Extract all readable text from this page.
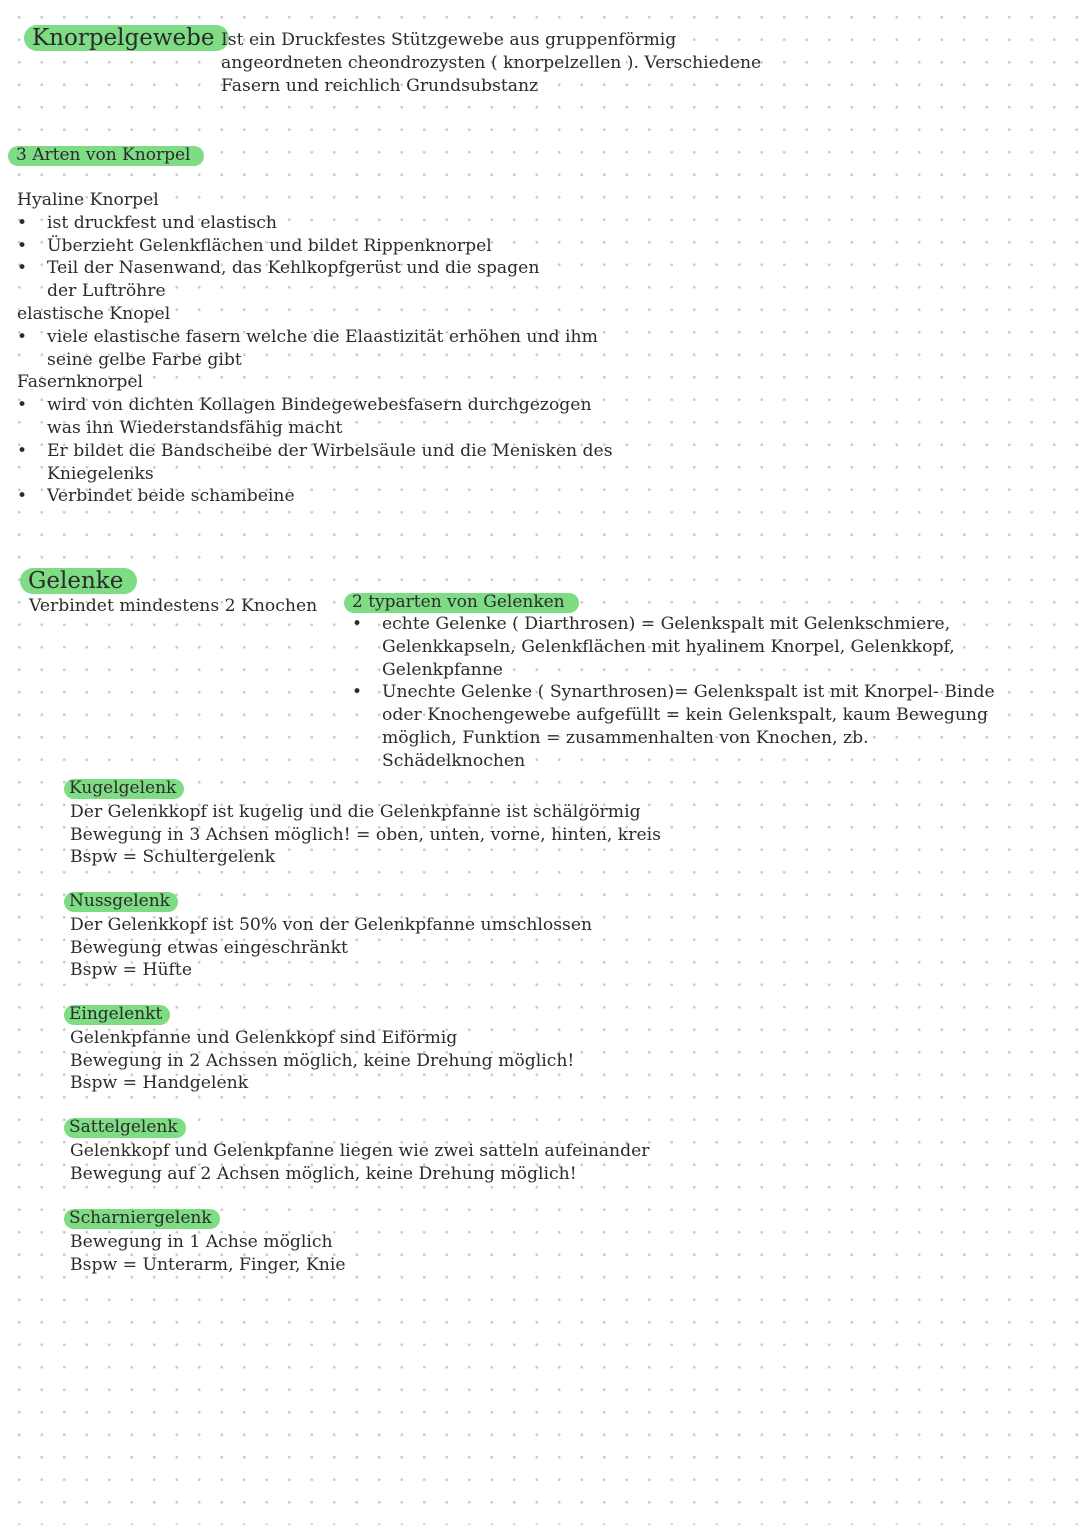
Knorpelgewebe Ist ein Druckfestes Stützgewebe aus gruppenförmig angeordneten cheondrozysten ( knorpelzellen ). Verschiedene Fasern und reichlich Grundsubstanz
3 Arten von Knorpel

Hyaline Knorpel

• ist druckfest und elastisch
• Überzieht Gelenkflächen und bildet Rippenknorpel
• Teil der Nasenwand, das Kehlkopfgerüst und die spagen der Luftröhre

elastische Knopel

• viele elastische fasern welche die Elaastizität erhöhen und ihm seine gelbe Farbe gibt

Fasernknorpel

• wird von dichten Kollagen Bindegewebesfasern durchgezogen was ihn Wiederstandsfähig macht
• Er bildet die Bandscheibe der Wirbelsäule und die Menisken des Kniegelenks
• Verbindet beide schambeine
Gelenke
Verbindet mindestens 2 Knochen	2 typarten von Gelenken
• echte Gelenke ( Diarthrosen) = Gelenkspalt mit Gelenkschmiere, Gelenkkapseln, Gelenkflächen mit hyalinem Knorpel, Gelenkkopf, Gelenkpfanne
• Unechte Gelenke ( Synarthrosen)= Gelenkspalt ist mit Knorpel- Binde oder Knochengewebe aufgefüllt = kein Gelenkspalt, kaum Bewegung möglich, Funktion = zusammenhalten von Knochen, zb. Schädelknochen
Kugelgelenk

Der Gelenkkopf ist kugelig und die Gelenkpfanne ist schälgörmig

Bewegung in 3 Achsen möglich! = oben, unten, vorne, hinten, kreis

Bspw = Schultergelenk

Nussgelenk

Der Gelenkkopf ist 50% von der Gelenkpfanne umschlossen

Bewegung etwas eingeschränkt

Bspw = Hüfte

Eingelenkt

Gelenkpfanne und Gelenkkopf sind Eiförmig

Bewegung in 2 Achssen möglich, keine Drehung möglich!

Bspw = Handgelenk

Sattelgelenk

Gelenkkopf und Gelenkpfanne liegen wie zwei satteln aufeinander

Bewegung auf 2 Achsen möglich, keine Drehung möglich!

Scharniergelenk

Bewegung in 1 Achse möglich

Bspw = Unterarm, Finger, Knie
